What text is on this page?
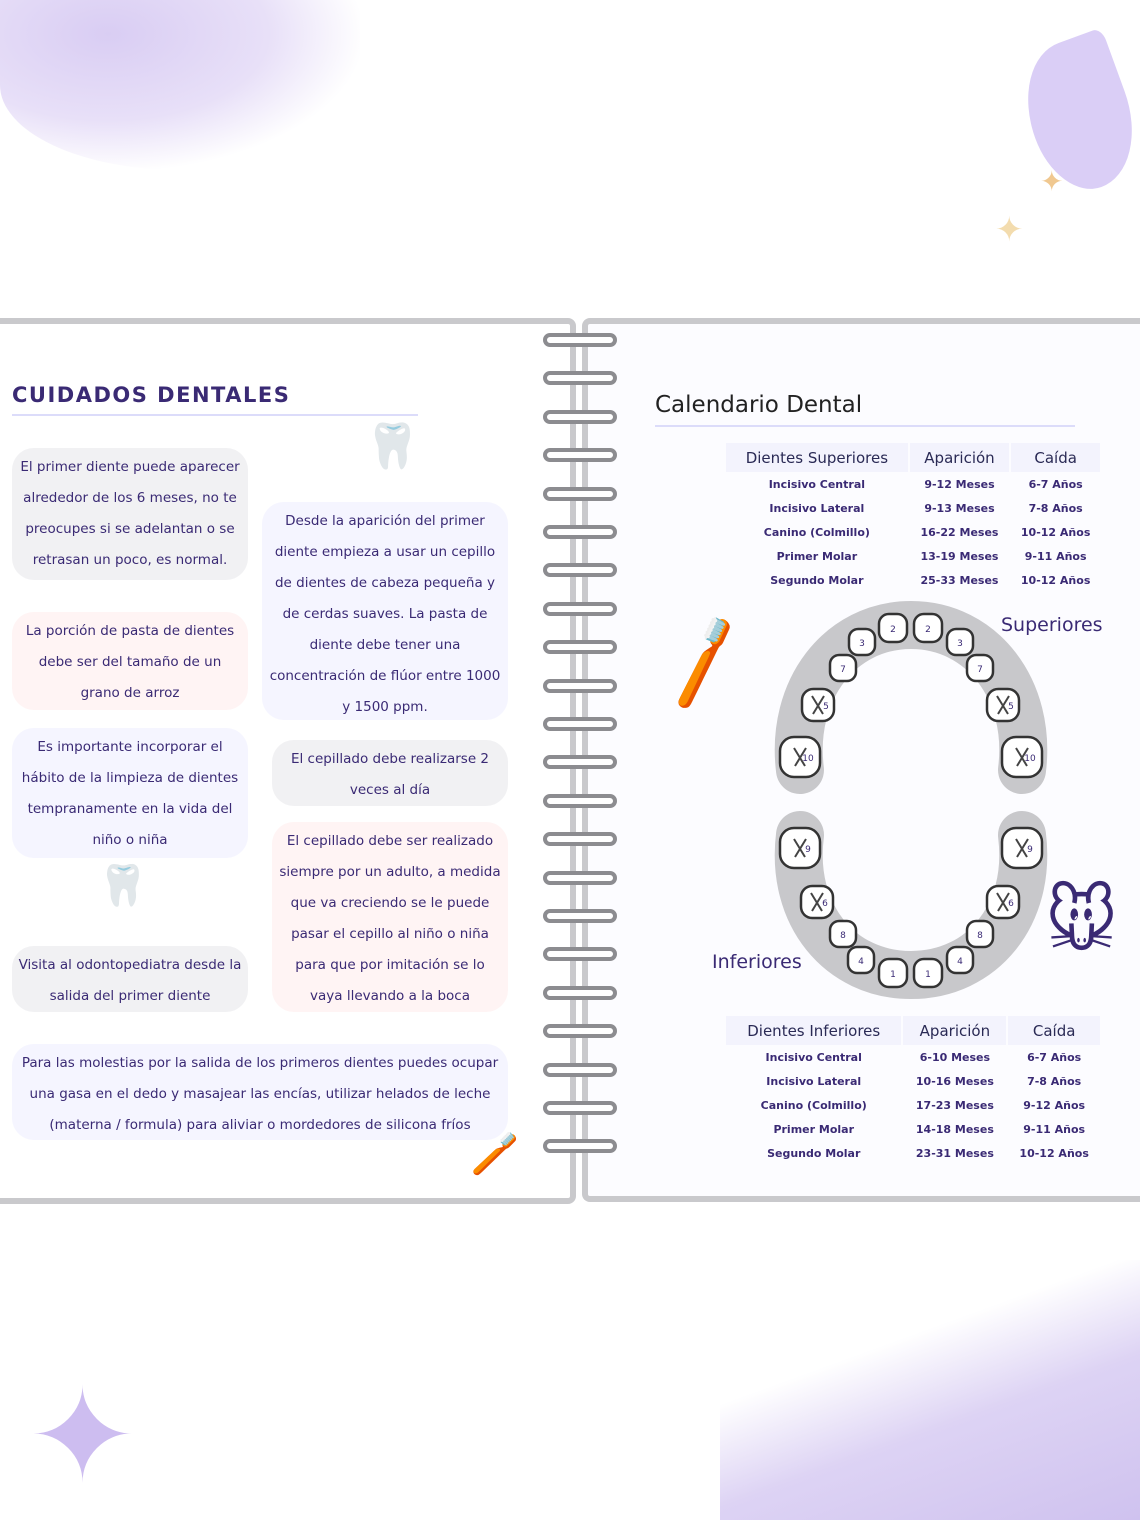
✦
✦
✦
CUIDADOS DENTALES
El primer diente puede aparecer alrededor de los 6 meses, no te preocupes si se adelantan o se retrasan un poco, es normal.
La porción de pasta de dientes debe ser del tamaño de un grano de arroz
Es importante incorporar el hábito de la limpieza de dientes tempranamente en la vida del niño o niña
Visita al odontopediatra desde la salida del primer diente
Desde la aparición del primer diente empieza a usar un cepillo de dientes de cabeza pequeña y de cerdas suaves. La pasta de diente debe tener una concentración de flúor entre 1000 y 1500 ppm.
El cepillado debe realizarse 2 veces al día
El cepillado debe ser realizado siempre por un adulto, a medida que va creciendo se le puede pasar el cepillo al niño o niña para que por imitación se lo vaya llevando a la boca
Para las molestias por la salida de los primeros dientes puedes ocupar una gasa en el dedo y masajear las encías, utilizar helados de leche (materna / formula) para aliviar o mordedores de silicona fríos
🦷
🦷
🪥
🪥
🐭
Calendario Dental
Dientes Superiores	Aparición	Caída
Incisivo Central	9-12 Meses	6-7 Años
Incisivo Lateral	9-13 Meses	7-8 Años
Canino (Colmillo)	16-22 Meses	10-12 Años
Primer Molar	13-19 Meses	9-11 Años
Segundo Molar	25-33 Meses	10-12 Años
Dientes Inferiores	Aparición	Caída
Incisivo Central	6-10 Meses	6-7 Años
Incisivo Lateral	10-16 Meses	7-8 Años
Canino (Colmillo)	17-23 Meses	9-12 Años
Primer Molar	14-18 Meses	9-11 Años
Segundo Molar	23-31 Meses	10-12 Años
Superiores
Inferiores
10
5
7
3
2	2
3
7
5
10
9
6
8
4
1	1
4
8
6
9
